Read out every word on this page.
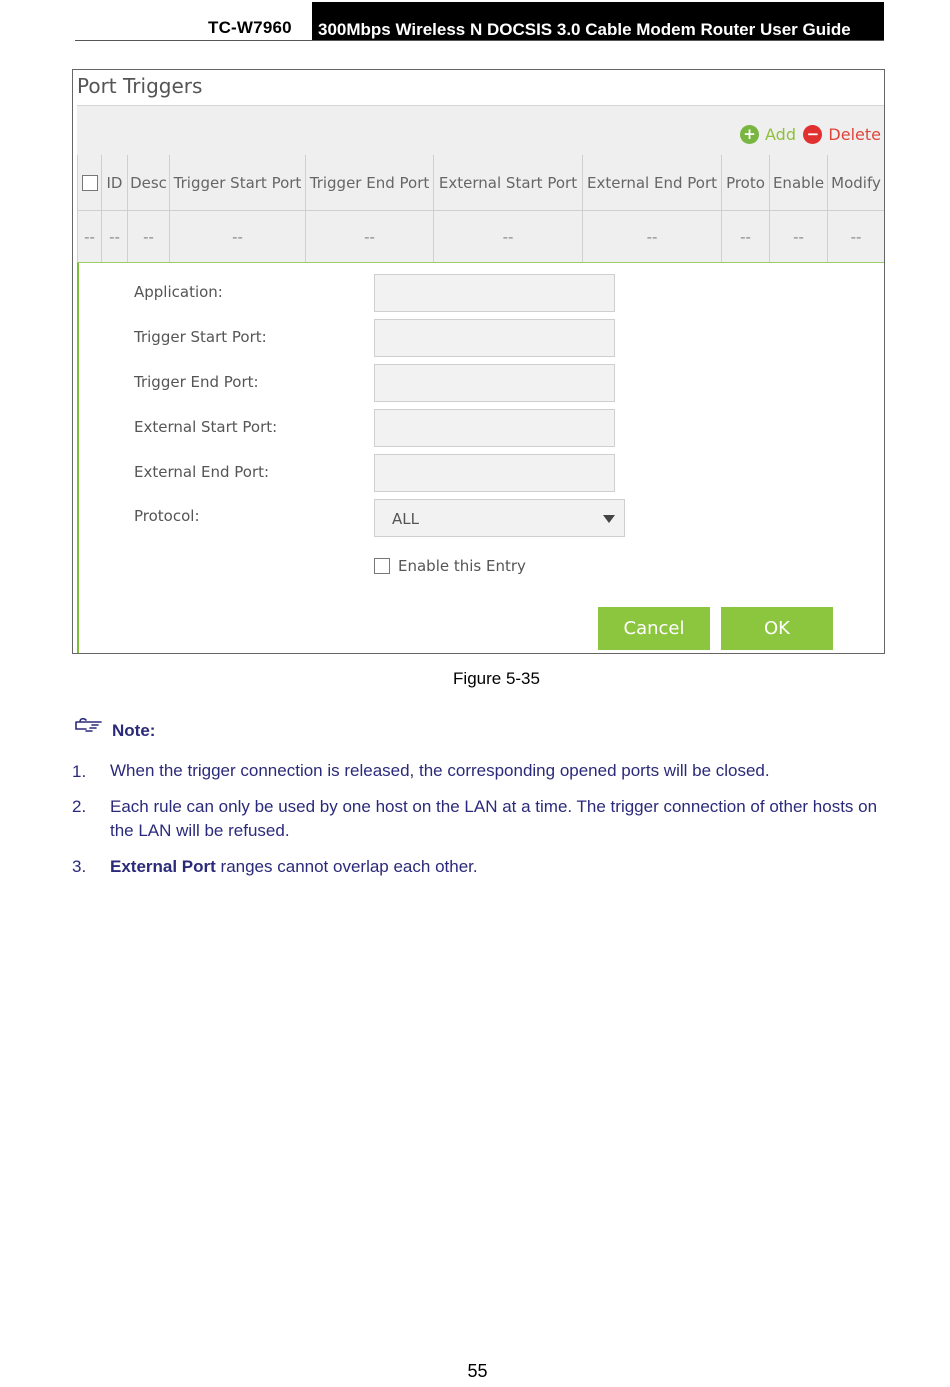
TC-W7960	300Mbps Wireless N DOCSIS 3.0 Cable Modem Router User Guide
Port Triggers
+ Add − Delete
	ID	Desc	Trigger Start Port	Trigger End Port	External Start Port	External End Port	Proto	Enable	Modify
--	--	--	--	--	--	--	--	--	--
Application:
Trigger Start Port:
Trigger End Port:
External Start Port:
External End Port:
Protocol:	ALL
Enable this Entry
Cancel	OK
Figure 5-35
Note:
1. When the trigger connection is released, the corresponding opened ports will be closed.
2. Each rule can only be used by one host on the LAN at a time. The trigger connection of other hosts on the LAN will be refused.
3. External Port ranges cannot overlap each other.
55
